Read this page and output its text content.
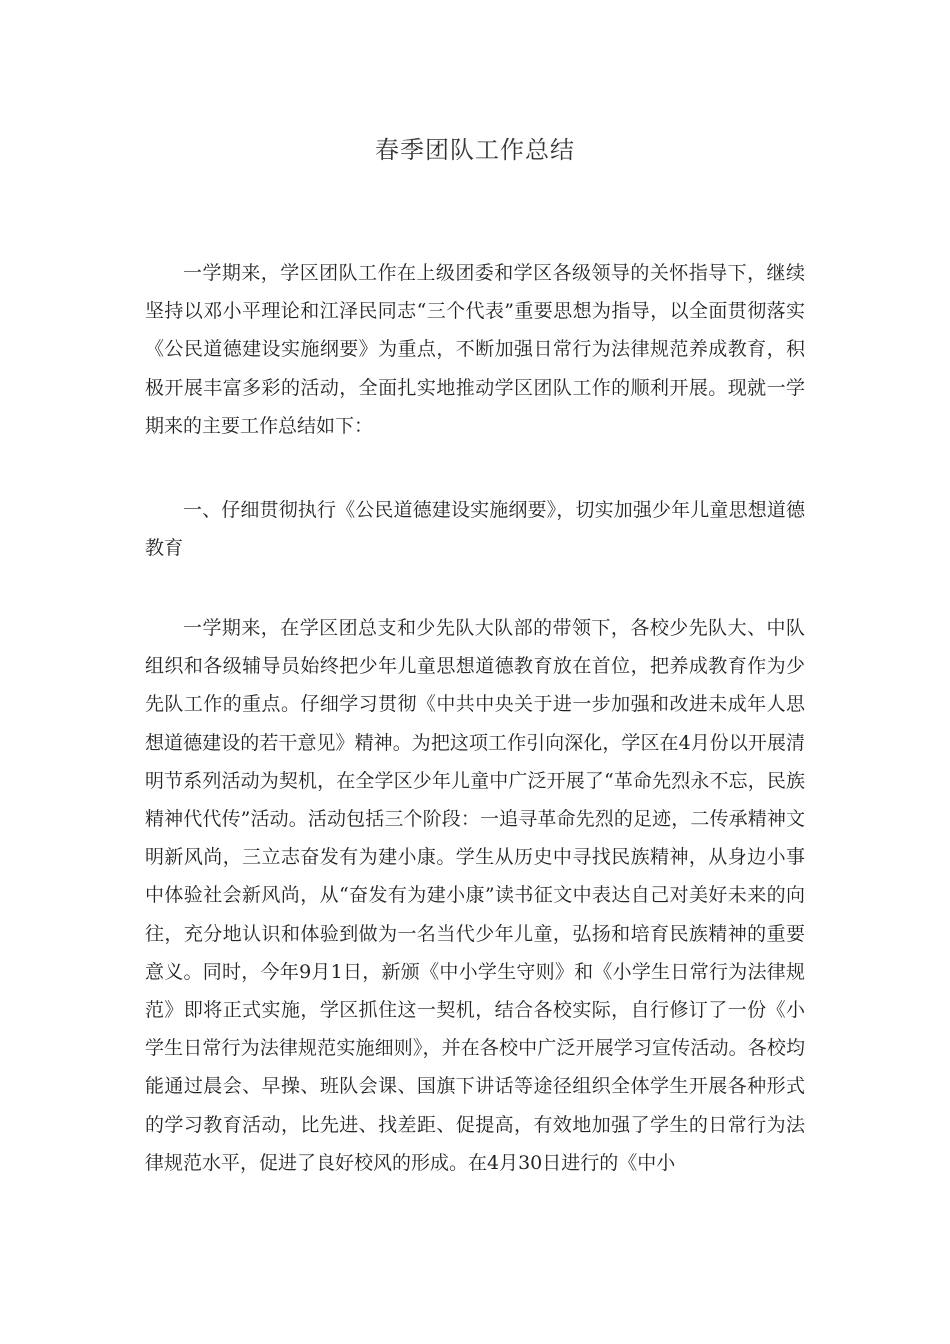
春季团队工作总结

一学期来，学区团队工作在上级团委和学区各级领导的关怀指导下，继续坚持以邓小平理论和江泽民同志“三个代表”重要思想为指导，以全面贯彻落实《公民道德建设实施纲要》为重点，不断加强日常行为法律规范养成教育，积极开展丰富多彩的活动，全面扎实地推动学区团队工作的顺利开展。现就一学期来的主要工作总结如下：

一、仔细贯彻执行《公民道德建设实施纲要》，切实加强少年儿童思想道德教育

一学期来，在学区团总支和少先队大队部的带领下，各校少先队大、中队组织和各级辅导员始终把少年儿童思想道德教育放在首位，把养成教育作为少先队工作的重点。仔细学习贯彻《中共中央关于进一步加强和改进未成年人思想道德建设的若干意见》精神。为把这项工作引向深化，学区在4月份以开展清明节系列活动为契机，在全学区少年儿童中广泛开展了“革命先烈永不忘，民族精神代代传”活动。活动包括三个阶段：一追寻革命先烈的足迹，二传承精神文明新风尚，三立志奋发有为建小康。学生从历史中寻找民族精神，从身边小事中体验社会新风尚，从“奋发有为建小康”读书征文中表达自己对美好未来的向往，充分地认识和体验到做为一名当代少年儿童，弘扬和培育民族精神的重要意义。同时，今年9月1日，新颁《中小学生守则》和《小学生日常行为法律规范》即将正式实施，学区抓住这一契机，结合各校实际，自行修订了一份《小学生日常行为法律规范实施细则》，并在各校中广泛开展学习宣传活动。各校均能通过晨会、早操、班队会课、国旗下讲话等途径组织全体学生开展各种形式的学习教育活动，比先进、找差距、促提高，有效地加强了学生的日常行为法律规范水平，促进了良好校风的形成。在4月30日进行的《中小
